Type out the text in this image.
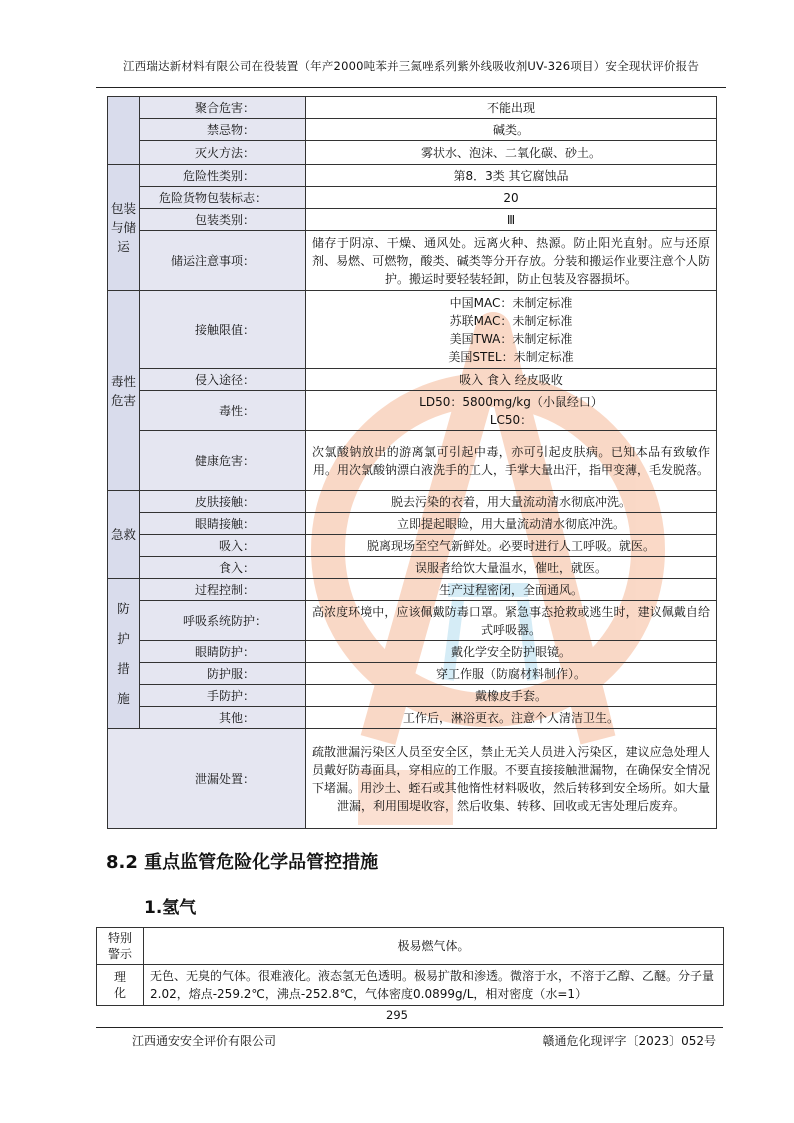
江西瑞达新材料有限公司在役装置（年产2000吨苯并三氮唑系列紫外线吸收剂UV-326项目）安全现状评价报告
	聚合危害：	不能出现
	禁忌物：	碱类。
	灭火方法：	雾状水、泡沫、二氧化碳、砂土。
包装与储运	危险性类别：	第8．3类 其它腐蚀品
	危险货物包装标志：	20
	包装类别：	Ⅲ
	储运注意事项：	储存于阴凉、干燥、通风处。远离火种、热源。防止阳光直射。应与还原剂、易燃、可燃物，酸类、碱类等分开存放。分装和搬运作业要注意个人防护。搬运时要轻装轻卸，防止包装及容器损坏。
毒性危害	接触限值：	中国MAC：未制定标准
苏联MAC：未制定标准
美国TWA：未制定标准
美国STEL：未制定标准

	侵入途径：	吸入 食入 经皮吸收
	毒性：	LD50：5800mg/kg（小鼠经口）
LC50：

	健康危害：	次氯酸钠放出的游离氯可引起中毒，亦可引起皮肤病。已知本品有致敏作用。用次氯酸钠漂白液洗手的工人，手掌大量出汗，指甲变薄，毛发脱落。
急救	皮肤接触：	脱去污染的衣着，用大量流动清水彻底冲洗。
	眼睛接触：	立即提起眼睑，用大量流动清水彻底冲洗。
	吸入：	脱离现场至空气新鲜处。必要时进行人工呼吸。就医。
	食入：	误服者给饮大量温水，催吐，就医。

防护措施	过程控制：	生产过程密闭，全面通风。
	呼吸系统防护：	高浓度环境中，应该佩戴防毒口罩。紧急事态抢救或逃生时，建议佩戴自给式呼吸器。
	眼睛防护：	戴化学安全防护眼镜。
	防护服：	穿工作服（防腐材料制作）。
	手防护：	戴橡皮手套。
	其他：	工作后，淋浴更衣。注意个人清洁卫生。
	泄漏处置：	疏散泄漏污染区人员至安全区，禁止无关人员进入污染区，建议应急处理人员戴好防毒面具，穿相应的工作服。不要直接接触泄漏物，在确保安全情况下堵漏。用沙土、蛭石或其他惰性材料吸收，然后转移到安全场所。如大量泄漏，利用围堤收容，然后收集、转移、回收或无害处理后废弃。
8.2 重点监管危险化学品管控措施
1.氢气
特别警示	极易燃气体。

理化	无色、无臭的气体。很难液化。液态氢无色透明。极易扩散和渗透。微溶于水，不溶于乙醇、乙醚。分子量2.02，熔点-259.2℃，沸点-252.8℃，气体密度0.0899g/L，相对密度（水=1）
295
江西通安安全评价有限公司	赣通危化现评字〔2023〕052号
